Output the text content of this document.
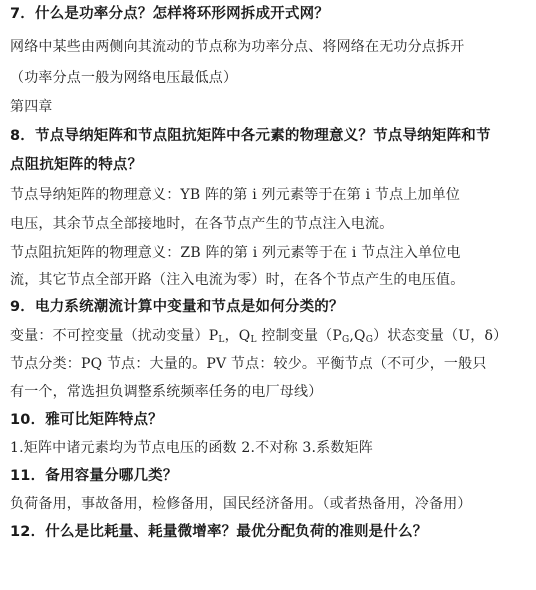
7．什么是功率分点？怎样将环形网拆成开式网？
网络中某些由两侧向其流动的节点称为功率分点、将网络在无功分点拆开
（功率分点一般为网络电压最低点）
第四章
8．节点导纳矩阵和节点阻抗矩阵中各元素的物理意义？节点导纳矩阵和节
点阻抗矩阵的特点？
节点导纳矩阵的物理意义：YB 阵的第 i 列元素等于在第 i 节点上加单位
电压，其余节点全部接地时，在各节点产生的节点注入电流。
节点阻抗矩阵的物理意义：ZB 阵的第 i 列元素等于在 i 节点注入单位电
流，其它节点全部开路（注入电流为零）时，在各个节点产生的电压值。
9．电力系统潮流计算中变量和节点是如何分类的？
变量：不可控变量（扰动变量）$P_L$，$Q_L$ 控制变量$(P_G,Q_G)$状态变量（U，δ）
节点分类：PQ 节点：大量的。PV 节点：较少。平衡节点（不可少，一般只
有一个，常选担负调整系统频率任务的电厂母线）
10．雅可比矩阵特点？
1.矩阵中诸元素均为节点电压的函数 2.不对称 3.系数矩阵
11．备用容量分哪几类？
负荷备用，事故备用，检修备用，国民经济备用。（或者热备用，冷备用）
12．什么是比耗量、耗量微增率？最优分配负荷的准则是什么？
